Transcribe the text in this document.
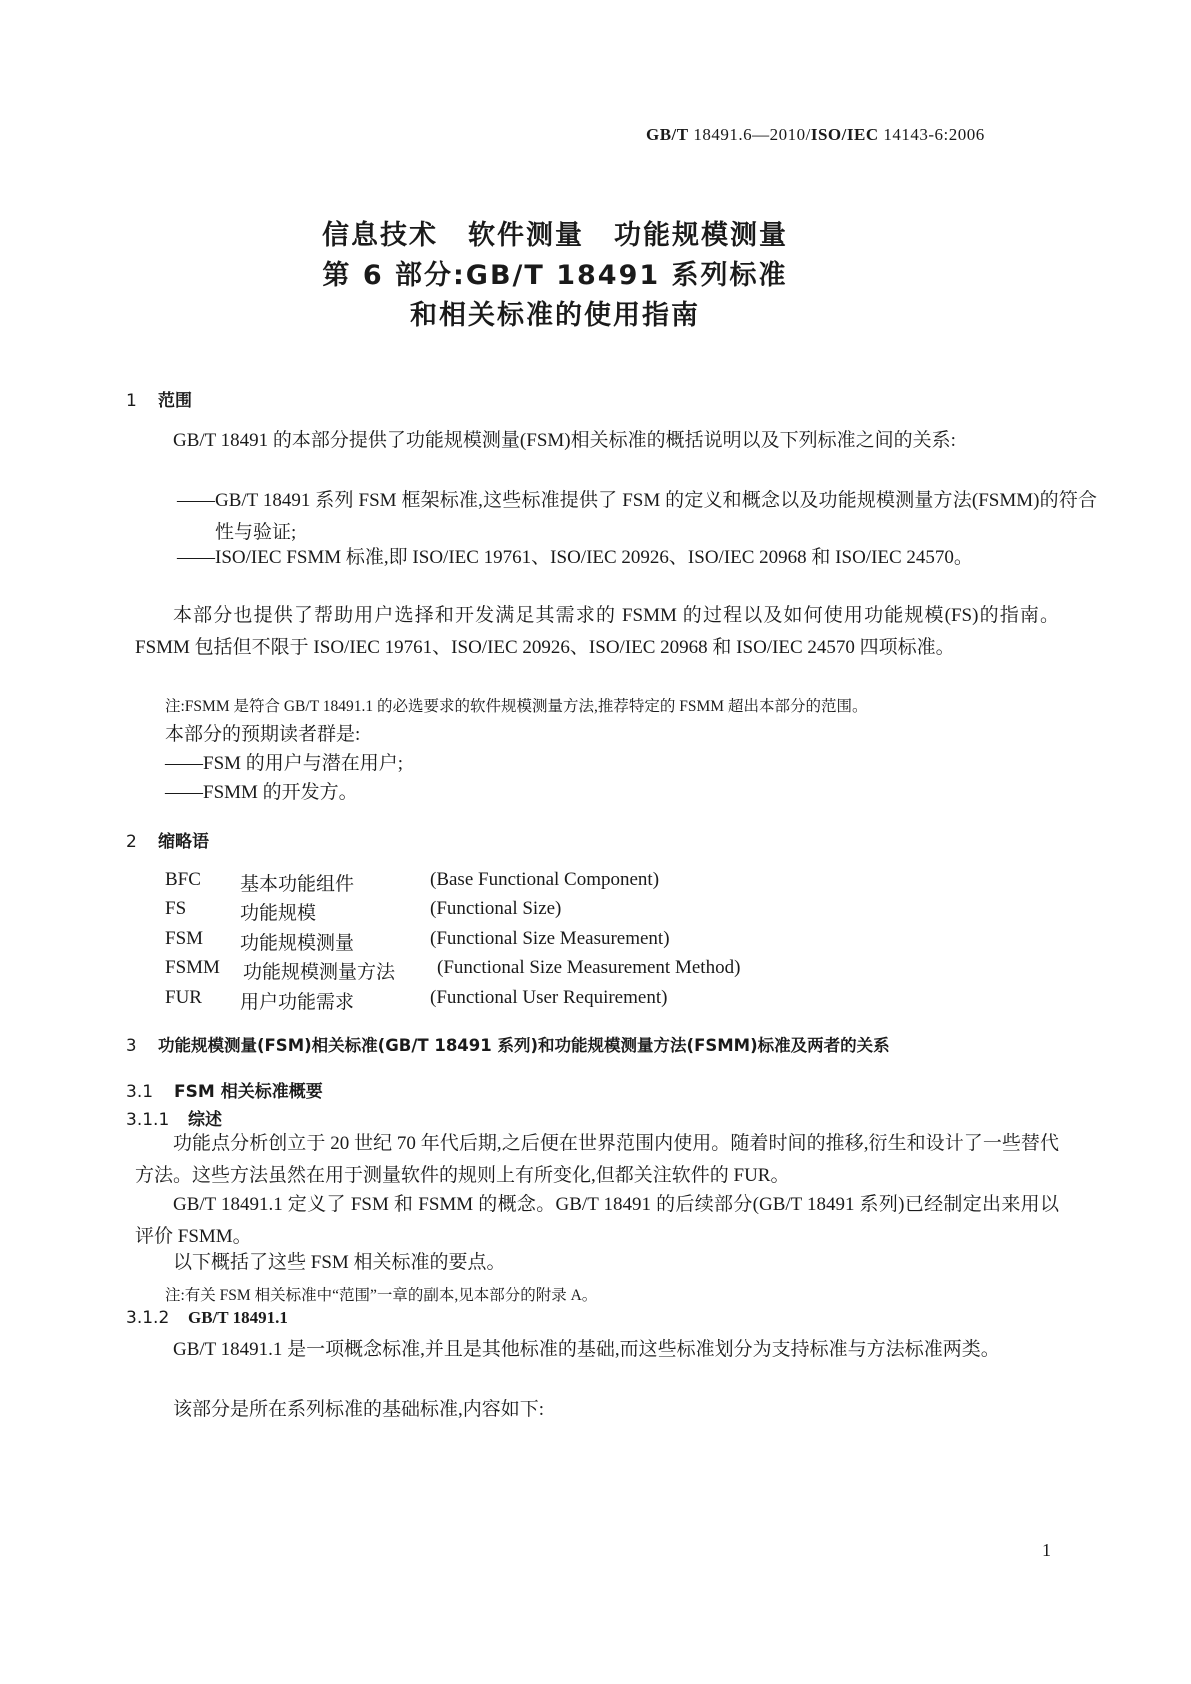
GB/T 18491.6—2010/ISO/IEC 14143-6:2006
信息技术 软件测量 功能规模测量
第 6 部分:GB/T 18491 系列标准
和相关标准的使用指南
1 范围
GB/T 18491 的本部分提供了功能规模测量(FSM)相关标准的概括说明以及下列标准之间的关系:
——GB/T 18491 系列 FSM 框架标准,这些标准提供了 FSM 的定义和概念以及功能规模测量方法(FSMM)的符合性与验证;
——ISO/IEC FSMM 标准,即 ISO/IEC 19761、ISO/IEC 20926、ISO/IEC 20968 和 ISO/IEC 24570。
本部分也提供了帮助用户选择和开发满足其需求的 FSMM 的过程以及如何使用功能规模(FS)的指南。FSMM 包括但不限于 ISO/IEC 19761、ISO/IEC 20926、ISO/IEC 20968 和 ISO/IEC 24570 四项标准。
注:FSMM 是符合 GB/T 18491.1 的必选要求的软件规模测量方法,推荐特定的 FSMM 超出本部分的范围。
本部分的预期读者群是:
——FSM 的用户与潜在用户;
——FSMM 的开发方。
2 缩略语
BFC 基本功能组件	(Base Functional Component)
FS	功能规模	(Functional Size)
FSM 功能规模测量	(Functional Size Measurement)
FSMM 功能规模测量方法 (Functional Size Measurement Method)
FUR 用户功能需求	(Functional User Requirement)
3 功能规模测量(FSM)相关标准(GB/T 18491 系列)和功能规模测量方法(FSMM)标准及两者的关系
3.1 FSM 相关标准概要
3.1.1 综述
功能点分析创立于 20 世纪 70 年代后期,之后便在世界范围内使用。随着时间的推移,衍生和设计了一些替代方法。这些方法虽然在用于测量软件的规则上有所变化,但都关注软件的 FUR。
GB/T 18491.1 定义了 FSM 和 FSMM 的概念。GB/T 18491 的后续部分(GB/T 18491 系列)已经制定出来用以评价 FSMM。
以下概括了这些 FSM 相关标准的要点。
注:有关 FSM 相关标准中“范围”一章的副本,见本部分的附录 A。
3.1.2 GB/T 18491.1
GB/T 18491.1 是一项概念标准,并且是其他标准的基础,而这些标准划分为支持标准与方法标准两类。
该部分是所在系列标准的基础标准,内容如下:
1
